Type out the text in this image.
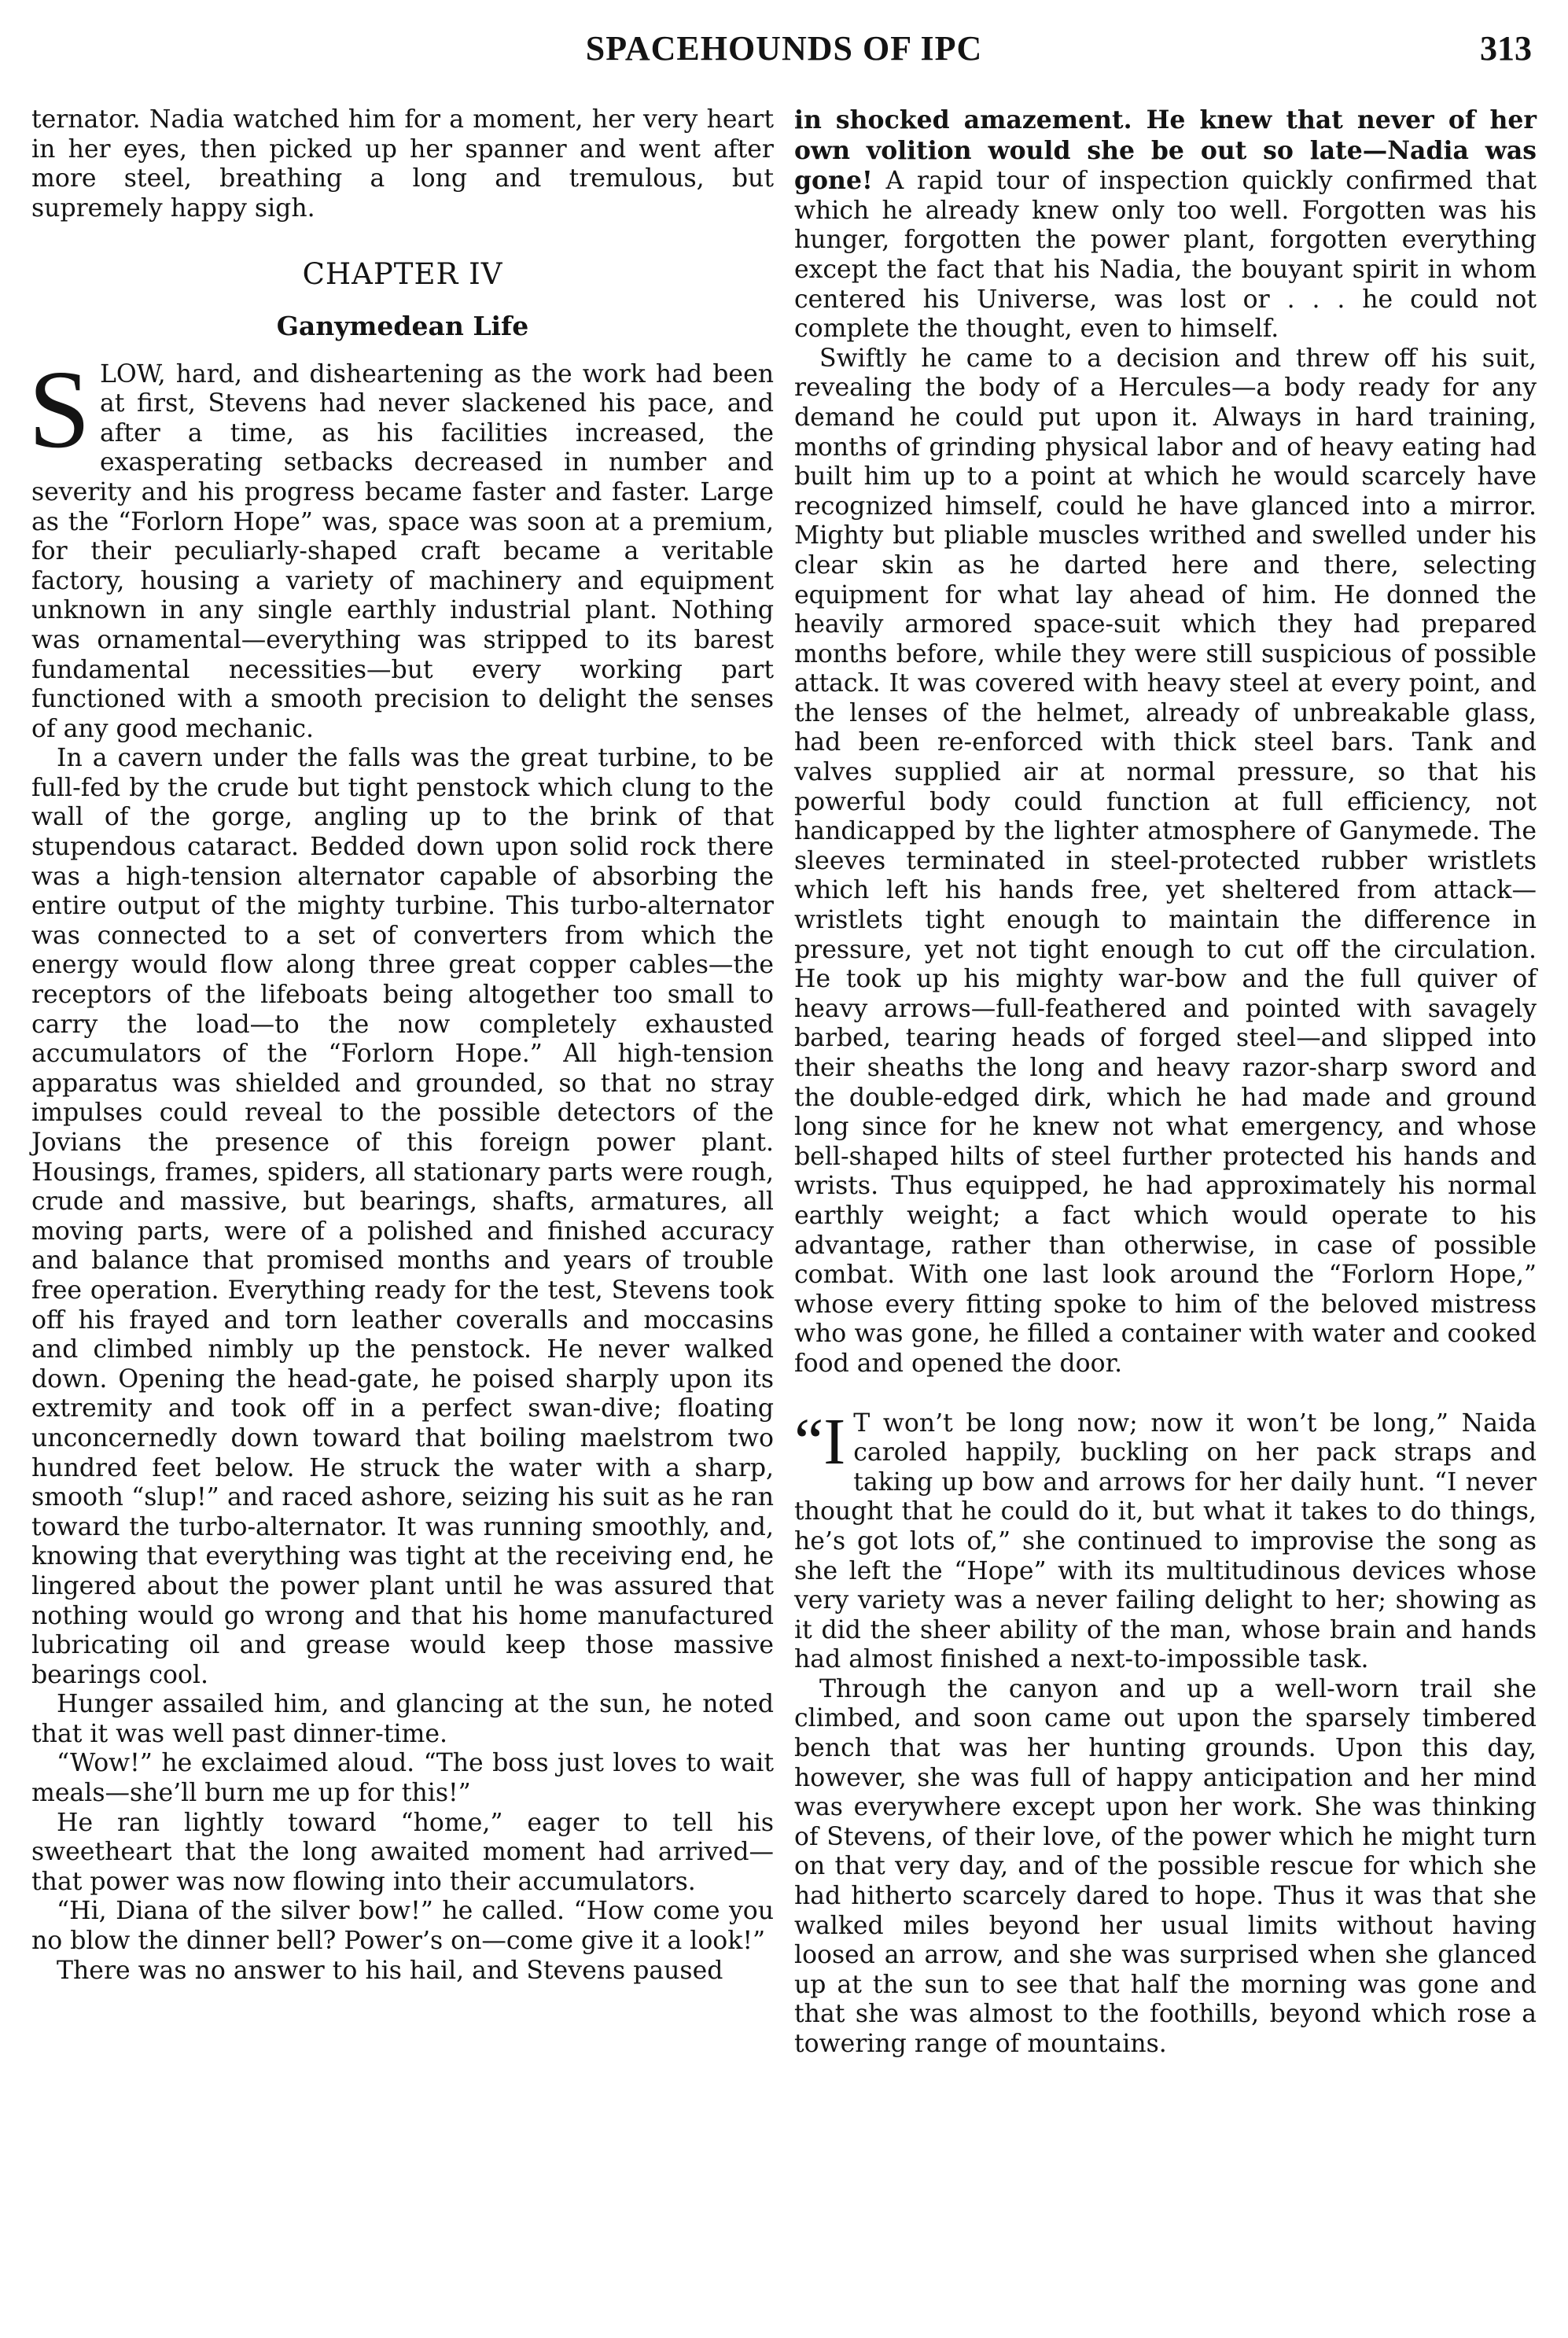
SPACEHOUNDS OF IPC	313

ternator. Nadia watched him for a moment, her very heart in her eyes, then picked up her spanner and went after more steel, breathing a long and tremulous, but supremely happy sigh.

CHAPTER IV
Ganymedean Life

SLOW, hard, and disheartening as the work had been at first, Stevens had never slackened his pace, and after a time, as his facilities increased, the exasperating setbacks decreased in number and severity and his progress became faster and faster. Large as the “Forlorn Hope” was, space was soon at a premium, for their peculiarly-shaped craft became a veritable factory, housing a variety of machinery and equipment unknown in any single earthly industrial plant. Nothing was ornamental—everything was stripped to its barest fundamental necessities—but every working part functioned with a smooth precision to delight the senses of any good mechanic.

In a cavern under the falls was the great turbine, to be full-fed by the crude but tight penstock which clung to the wall of the gorge, angling up to the brink of that stupendous cataract. Bedded down upon solid rock there was a high-tension alternator capable of absorbing the entire output of the mighty turbine. This turbo-alternator was connected to a set of converters from which the energy would flow along three great copper cables—the receptors of the lifeboats being altogether too small to carry the load—to the now completely exhausted accumulators of the “Forlorn Hope.” All high-tension apparatus was shielded and grounded, so that no stray impulses could reveal to the possible detectors of the Jovians the presence of this foreign power plant. Housings, frames, spiders, all stationary parts were rough, crude and massive, but bearings, shafts, armatures, all moving parts, were of a polished and finished accuracy and balance that promised months and years of trouble free operation. Everything ready for the test, Stevens took off his frayed and torn leather coveralls and moccasins and climbed nimbly up the penstock. He never walked down. Opening the head-gate, he poised sharply upon its extremity and took off in a perfect swan-dive; floating unconcernedly down toward that boiling maelstrom two hundred feet below. He struck the water with a sharp, smooth “slup!” and raced ashore, seizing his suit as he ran toward the turbo-alternator. It was running smoothly, and, knowing that everything was tight at the receiving end, he lingered about the power plant until he was assured that nothing would go wrong and that his home manufactured lubricating oil and grease would keep those massive bearings cool.

Hunger assailed him, and glancing at the sun, he noted that it was well past dinner-time.

“Wow!” he exclaimed aloud. “The boss just loves to wait meals—she’ll burn me up for this!”

He ran lightly toward “home,” eager to tell his sweetheart that the long awaited moment had arrived—that power was now flowing into their accumulators.

“Hi, Diana of the silver bow!” he called. “How come you no blow the dinner bell? Power’s on—come give it a look!”

There was no answer to his hail, and Stevens paused

in shocked amazement. He knew that never of her own volition would she be out so late—Nadia was gone! A rapid tour of inspection quickly confirmed that which he already knew only too well. Forgotten was his hunger, forgotten the power plant, forgotten everything except the fact that his Nadia, the bouyant spirit in whom centered his Universe, was lost or . . . he could not complete the thought, even to himself.

Swiftly he came to a decision and threw off his suit, revealing the body of a Hercules—a body ready for any demand he could put upon it. Always in hard training, months of grinding physical labor and of heavy eating had built him up to a point at which he would scarcely have recognized himself, could he have glanced into a mirror. Mighty but pliable muscles writhed and swelled under his clear skin as he darted here and there, selecting equipment for what lay ahead of him. He donned the heavily armored space-suit which they had prepared months before, while they were still suspicious of possible attack. It was covered with heavy steel at every point, and the lenses of the helmet, already of unbreakable glass, had been re-enforced with thick steel bars. Tank and valves supplied air at normal pressure, so that his powerful body could function at full efficiency, not handicapped by the lighter atmosphere of Ganymede. The sleeves terminated in steel-protected rubber wristlets which left his hands free, yet sheltered from attack—wristlets tight enough to maintain the difference in pressure, yet not tight enough to cut off the circulation. He took up his mighty war-bow and the full quiver of heavy arrows—full-feathered and pointed with savagely barbed, tearing heads of forged steel—and slipped into their sheaths the long and heavy razor-sharp sword and the double-edged dirk, which he had made and ground long since for he knew not what emergency, and whose bell-shaped hilts of steel further protected his hands and wrists. Thus equipped, he had approximately his normal earthly weight; a fact which would operate to his advantage, rather than otherwise, in case of possible combat. With one last look around the “Forlorn Hope,” whose every fitting spoke to him of the beloved mistress who was gone, he filled a container with water and cooked food and opened the door.

“I T won’t be long now; now it won’t be long,” Naida caroled happily, buckling on her pack straps and taking up bow and arrows for her daily hunt. “I never thought that he could do it, but what it takes to do things, he’s got lots of,” she continued to improvise the song as she left the “Hope” with its multitudinous devices whose very variety was a never failing delight to her; showing as it did the sheer ability of the man, whose brain and hands had almost finished a next-to-impossible task.

Through the canyon and up a well-worn trail she climbed, and soon came out upon the sparsely timbered bench that was her hunting grounds. Upon this day, however, she was full of happy anticipation and her mind was everywhere except upon her work. She was thinking of Stevens, of their love, of the power which he might turn on that very day, and of the possible rescue for which she had hitherto scarcely dared to hope. Thus it was that she walked miles beyond her usual limits without having loosed an arrow, and she was surprised when she glanced up at the sun to see that half the morning was gone and that she was almost to the foothills, beyond which rose a towering range of mountains.
